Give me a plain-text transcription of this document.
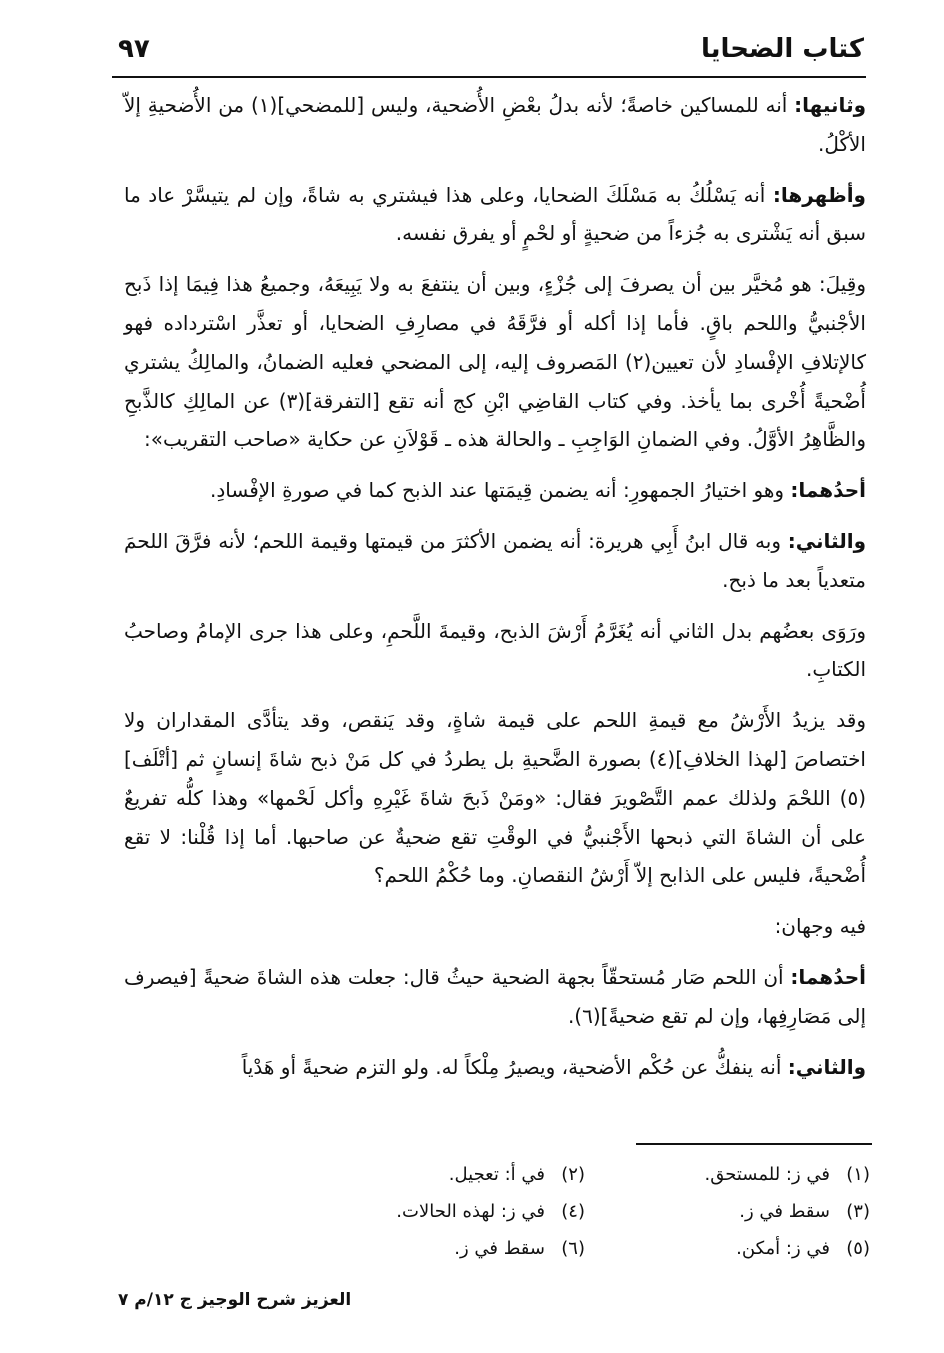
كتاب الضحايا
٩٧

وثانيها: أنه للمساكين خاصةً؛ لأنه بدلُ بعْضِ الأُضحية، وليس [للمضحي](١) من الأُضحيةِ إلاّ الأكْلُ.

وأظهرها: أنه يَسْلُكُ به مَسْلَكَ الضحايا، وعلى هذا فيشتري به شاةً، وإن لم يتيسَّرْ عاد ما سبق أنه يَشْترى به جُزءاً من ضحيةٍ أو لحْمٍ أو يفرق نفسه.

وقِيلَ: هو مُخيَّر بين أن يصرفَ إلى جُزْءٍ، وبين أن ينتفعَ به ولا يَبِيعَهُ، وجميعُ هذا فِيمَا إذا ذَبح الأجْنبيُّ واللحم باقٍ. فأما إذا أكله أو فرَّقَهُ في مصارِفِ الضحايا، أو تعذَّر اسْترداده فهو كالإتلافِ الإفْسادِ لأن تعيين(٢) المَصروف إليه، إلى المضحي فعليه الضمانُ، والمالِكُ يشتري أُضْحيةً أُخْرى بما يأخذ. وفي كتاب القاضِي ابْنِ كج أنه تقع [التفرقة](٣) عن المالِكِ كالذَّبحِ والظَّاهِرُ الأوَّلُ. وفي الضمانِ الوَاجِبِ ـ والحالة هذه ـ قَوْلاَنِ عن حكاية «صاحب التقريب»:

أحدُهما: وهو اختيارُ الجمهورِ: أنه يضمن قِيمَتها عند الذبح كما في صورةِ الإفْسادِ.

والثاني: وبه قال ابنُ أَبِي هريرة: أنه يضمن الأكثرَ من قيمتها وقيمة اللحم؛ لأنه فرَّقَ اللحمَ متعدياً بعد ما ذبح.

ورَوَى بعضُهم بدل الثاني أنه يُغَرَّمُ أَرْشَ الذبح، وقيمةَ اللَّحمِ، وعلى هذا جرى الإمامُ وصاحبُ الكتابِ.

وقد يزيدُ الأَرْشُ مع قيمةِ اللحم على قيمة شاةٍ، وقد يَنقص، وقد يتأدَّى المقداران ولا اختصاصَ [لهذا الخلافِ](٤) بصورة الضَّحيةِ بل يطردُ في كل مَنْ ذبح شاةَ إنسانٍ ثم [أتْلَف](٥) اللحْمَ ولذلك عمم التَّصْويرَ فقال: «ومَنْ ذَبحَ شاةَ غَيْرِهِ وأكل لَحْمها» وهذا كلُّه تفريعٌ على أن الشاةَ التي ذبحها الأَجْنبيُّ في الوقْتِ تقع ضحيةٌ عن صاحبها. أما إذا قُلْنا: لا تقع أُضْحيةً، فليس على الذابح إلاّ أَرْشُ النقصانِ. وما حُكْمُ اللحم؟

فيه وجهان:

أحدُهما: أن اللحم صَار مُستحقّاً بجهة الضحية حيثُ قال: جعلت هذه الشاةَ ضحيةً [فيصرف إلى مَصَارِفِها، وإن لم تقع ضحيةً](٦).

والثاني: أنه ينفكُّ عن حُكْم الأضحية، ويصيرُ مِلْكاً له. ولو التزم ضحيةً أو هَدْياً

(١)في ز: للمستحق.
(٢)في أ: تعجيل.
(٣)سقط في ز.
(٤)في ز: لهذه الحالات.
(٥)في ز: أمكن.
(٦)سقط في ز.
العزيز شرح الوجيز ج ١٢/م ٧
